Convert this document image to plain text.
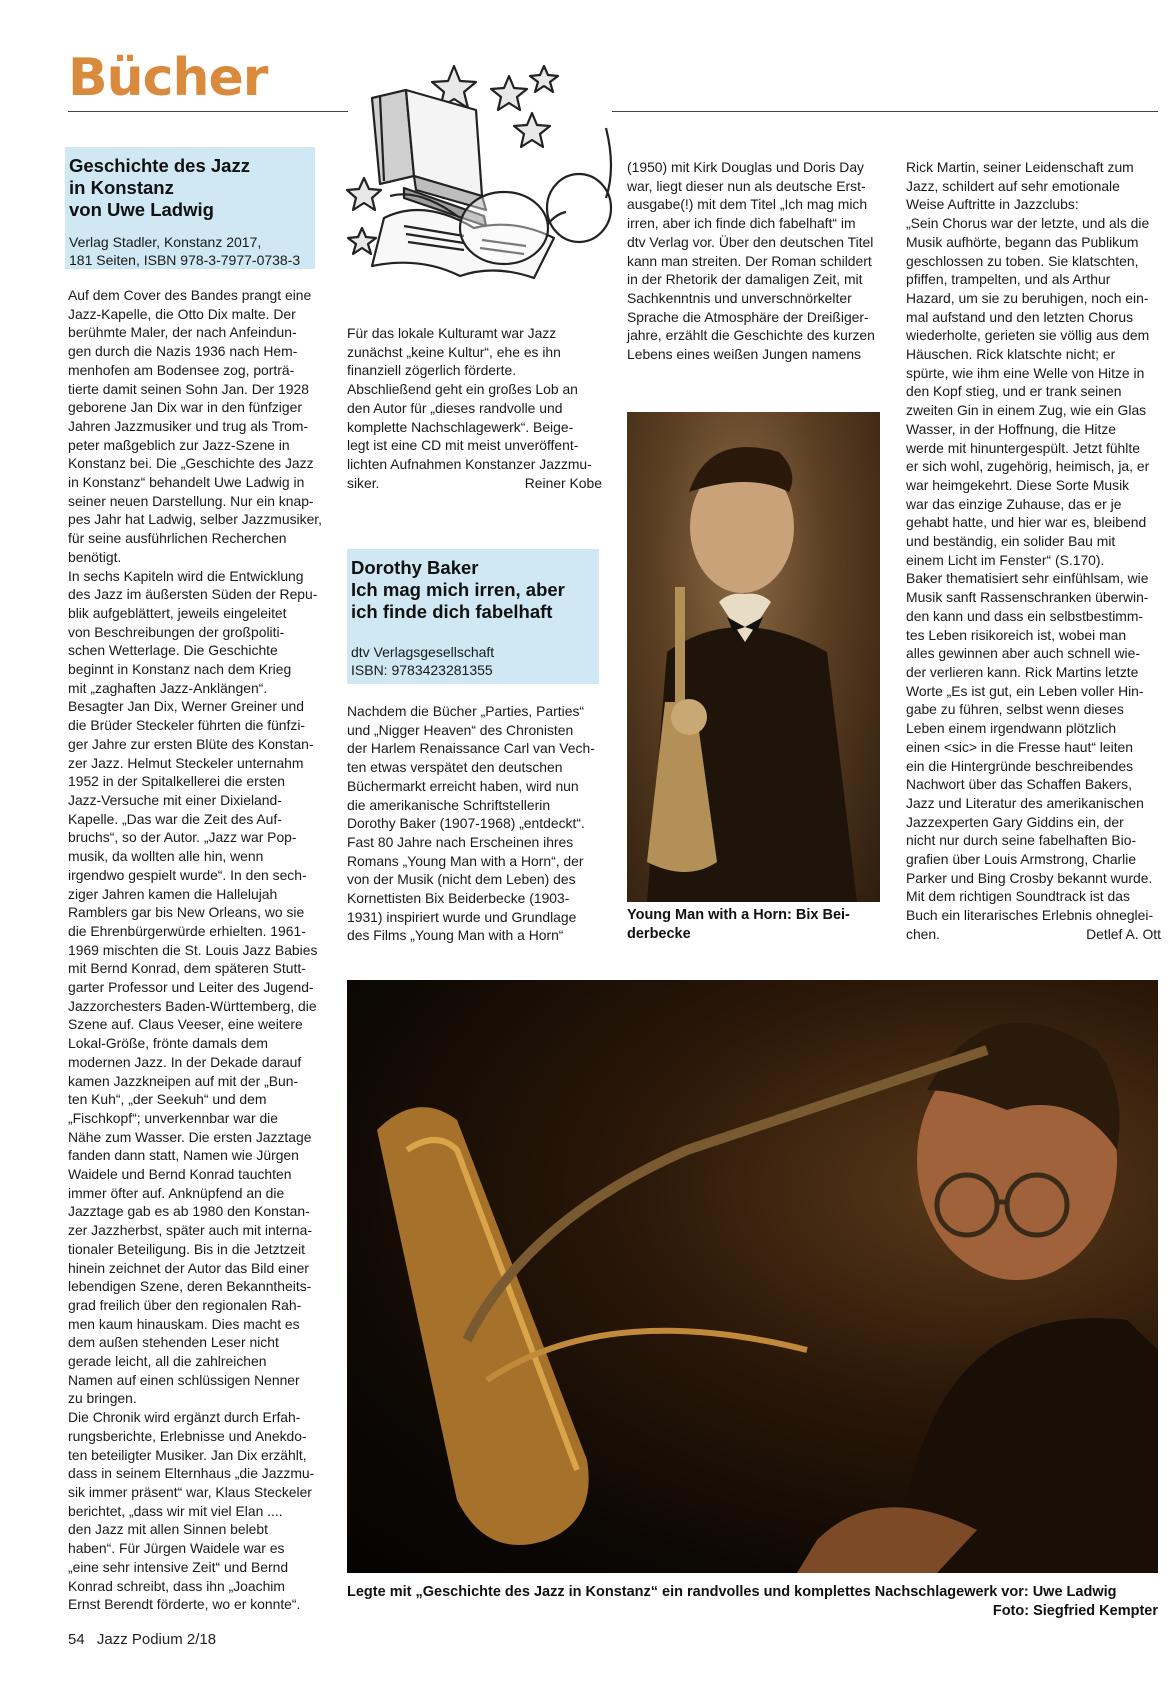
Bücher
Geschichte des Jazz
in Konstanz
von Uwe Ladwig
Verlag Stadler, Konstanz 2017,
181 Seiten, ISBN 978-3-7977-0738-3

Auf dem Cover des Bandes prangt eine

Jazz-Kapelle, die Otto Dix malte. Der

berühmte Maler, der nach Anfeindun-

gen durch die Nazis 1936 nach Hem-

menhofen am Bodensee zog, porträ-

tierte damit seinen Sohn Jan. Der 1928

geborene Jan Dix war in den fünfziger

Jahren Jazzmusiker und trug als Trom-

peter maßgeblich zur Jazz-Szene in

Konstanz bei. Die „Geschichte des Jazz

in Konstanz“ behandelt Uwe Ladwig in

seiner neuen Darstellung. Nur ein knap-

pes Jahr hat Ladwig, selber Jazzmusiker,

für seine ausführlichen Recherchen

benötigt.

In sechs Kapiteln wird die Entwicklung

des Jazz im äußersten Süden der Repu-

blik aufgeblättert, jeweils eingeleitet

von Beschreibungen der großpoliti-

schen Wetterlage. Die Geschichte

beginnt in Konstanz nach dem Krieg

mit „zaghaften Jazz-Anklängen“.

Besagter Jan Dix, Werner Greiner und

die Brüder Steckeler führten die fünfzi-

ger Jahre zur ersten Blüte des Konstan-

zer Jazz. Helmut Steckeler unternahm

1952 in der Spitalkellerei die ersten

Jazz-Versuche mit einer Dixieland-

Kapelle. „Das war die Zeit des Auf-

bruchs“, so der Autor. „Jazz war Pop-

musik, da wollten alle hin, wenn

irgendwo gespielt wurde“. In den sech-

ziger Jahren kamen die Hallelujah

Ramblers gar bis New Orleans, wo sie

die Ehrenbürgerwürde erhielten. 1961-

1969 mischten die St. Louis Jazz Babies

mit Bernd Konrad, dem späteren Stutt-

garter Professor und Leiter des Jugend-

Jazzorchesters Baden-Württemberg, die

Szene auf. Claus Veeser, eine weitere

Lokal-Größe, frönte damals dem

modernen Jazz. In der Dekade darauf

kamen Jazzkneipen auf mit der „Bun-

ten Kuh“, „der Seekuh“ und dem

„Fischkopf“; unverkennbar war die

Nähe zum Wasser. Die ersten Jazztage

fanden dann statt, Namen wie Jürgen

Waidele und Bernd Konrad tauchten

immer öfter auf. Anknüpfend an die

Jazztage gab es ab 1980 den Konstan-

zer Jazzherbst, später auch mit interna-

tionaler Beteiligung. Bis in die Jetztzeit

hinein zeichnet der Autor das Bild einer

lebendigen Szene, deren Bekanntheits-

grad freilich über den regionalen Rah-

men kaum hinauskam. Dies macht es

dem außen stehenden Leser nicht

gerade leicht, all die zahlreichen

Namen auf einen schlüssigen Nenner

zu bringen.

Die Chronik wird ergänzt durch Erfah-

rungsberichte, Erlebnisse und Anekdo-

ten beteiligter Musiker. Jan Dix erzählt,

dass in seinem Elternhaus „die Jazzmu-

sik immer präsent“ war, Klaus Steckeler

berichtet, „dass wir mit viel Elan ....

den Jazz mit allen Sinnen belebt

haben“. Für Jürgen Waidele war es

„eine sehr intensive Zeit“ und Bernd

Konrad schreibt, dass ihn „Joachim

Ernst Berendt förderte, wo er konnte“.

Für das lokale Kulturamt war Jazz

zunächst „keine Kultur“, ehe es ihn

finanziell zögerlich förderte.

Abschließend geht ein großes Lob an

den Autor für „dieses randvolle und

komplette Nachschlagewerk“. Beige-

legt ist eine CD mit meist unveröffent-

lichten Aufnahmen Konstanzer Jazzmu-

siker.	Reiner Kobe

Dorothy Baker
Ich mag mich irren, aber
ich finde dich fabelhaft
dtv Verlagsgesellschaft
ISBN: 9783423281355

Nachdem die Bücher „Parties, Parties“

und „Nigger Heaven“ des Chronisten

der Harlem Renaissance Carl van Vech-

ten etwas verspätet den deutschen

Büchermarkt erreicht haben, wird nun

die amerikanische Schriftstellerin

Dorothy Baker (1907-1968) „entdeckt“.

Fast 80 Jahre nach Erscheinen ihres

Romans „Young Man with a Horn“, der

von der Musik (nicht dem Leben) des

Kornettisten Bix Beiderbecke (1903-

1931) inspiriert wurde und Grundlage

des Films „Young Man with a Horn“

(1950) mit Kirk Douglas und Doris Day

war, liegt dieser nun als deutsche Erst-

ausgabe(!) mit dem Titel „Ich mag mich

irren, aber ich finde dich fabelhaft“ im

dtv Verlag vor. Über den deutschen Titel

kann man streiten. Der Roman schildert

in der Rhetorik der damaligen Zeit, mit

Sachkenntnis und unverschnörkelter

Sprache die Atmosphäre der Dreißiger-

jahre, erzählt die Geschichte des kurzen

Lebens eines weißen Jungen namens

Young Man with a Horn: Bix Bei-
derbecke

Rick Martin, seiner Leidenschaft zum

Jazz, schildert auf sehr emotionale

Weise Auftritte in Jazzclubs:

„Sein Chorus war der letzte, und als die

Musik aufhörte, begann das Publikum

geschlossen zu toben. Sie klatschten,

pfiffen, trampelten, und als Arthur

Hazard, um sie zu beruhigen, noch ein-

mal aufstand und den letzten Chorus

wiederholte, gerieten sie völlig aus dem

Häuschen. Rick klatschte nicht; er

spürte, wie ihm eine Welle von Hitze in

den Kopf stieg, und er trank seinen

zweiten Gin in einem Zug, wie ein Glas

Wasser, in der Hoffnung, die Hitze

werde mit hinuntergespült. Jetzt fühlte

er sich wohl, zugehörig, heimisch, ja, er

war heimgekehrt. Diese Sorte Musik

war das einzige Zuhause, das er je

gehabt hatte, und hier war es, bleibend

und beständig, ein solider Bau mit

einem Licht im Fenster“ (S.170).

Baker thematisiert sehr einfühlsam, wie

Musik sanft Rassenschranken überwin-

den kann und dass ein selbstbestimm-

tes Leben risikoreich ist, wobei man

alles gewinnen aber auch schnell wie-

der verlieren kann. Rick Martins letzte

Worte „Es ist gut, ein Leben voller Hin-

gabe zu führen, selbst wenn dieses

Leben einem irgendwann plötzlich

einen <sic> in die Fresse haut“ leiten

ein die Hintergründe beschreibendes

Nachwort über das Schaffen Bakers,

Jazz und Literatur des amerikanischen

Jazzexperten Gary Giddins ein, der

nicht nur durch seine fabelhaften Bio-

grafien über Louis Armstrong, Charlie

Parker und Bing Crosby bekannt wurde.

Mit dem richtigen Soundtrack ist das

Buch ein literarisches Erlebnis ohneglei-

chen.	Detlef A. Ott

Legte mit „Geschichte des Jazz in Konstanz“ ein randvolles und komplettes Nachschlagewerk vor: Uwe Ladwig
Foto: Siegfried Kempter
54 Jazz Podium 2/18
